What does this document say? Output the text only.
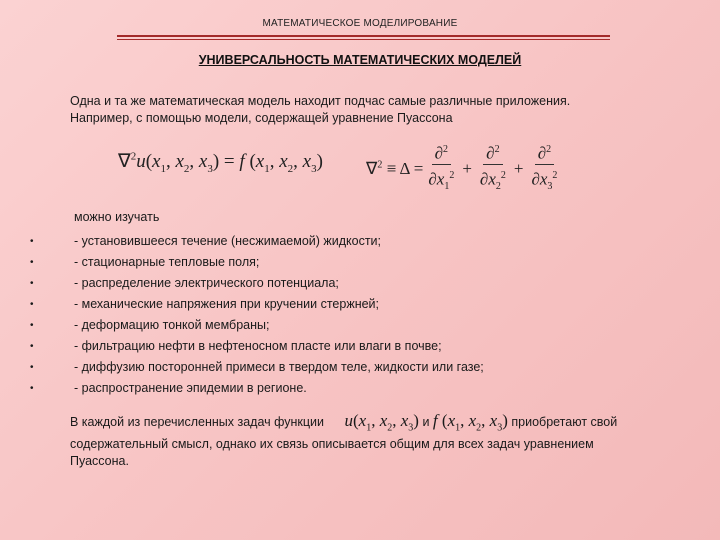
МАТЕМАТИЧЕСКОЕ МОДЕЛИРОВАНИЕ
УНИВЕРСАЛЬНОСТЬ МАТЕМАТИЧЕСКИХ МОДЕЛЕЙ
Одна и та же математическая модель находит подчас самые различные приложения.
Например, с помощью модели, содержащей уравнение Пуассона
$\nabla^2u(x_1$, $x_2$, $x_3) = f$ ($x_1$, $x_2$, $x_3$)	$\nabla^2 \equiv \Delta = \frac{\partial^2}{\partial x_1^2} + \frac{\partial^2}{\partial x_2^2} + \frac{\partial^2}{\partial x_3^2}$
можно изучать
•	- установившееся течение (несжимаемой) жидкости;
•	- стационарные тепловые поля;
•	- распределение электрического потенциала;
•	- механические напряжения при кручении стержней;
•	- деформацию тонкой мембраны;
•	- фильтрацию нефти в нефтеносном пласте или влаги в почве;
•	- диффузию посторонней примеси в твердом теле, жидкости или газе;
•	- распространение эпидемии в регионе.
В каждой из перечисленных задач функции $u(x_1$, $x_2$, $x_3$) и f ($x_1$, $x_2$, $x_3$) приобретают свой
содержательный смысл, однако их связь описывается общим для всех задач уравнением
Пуассона.
